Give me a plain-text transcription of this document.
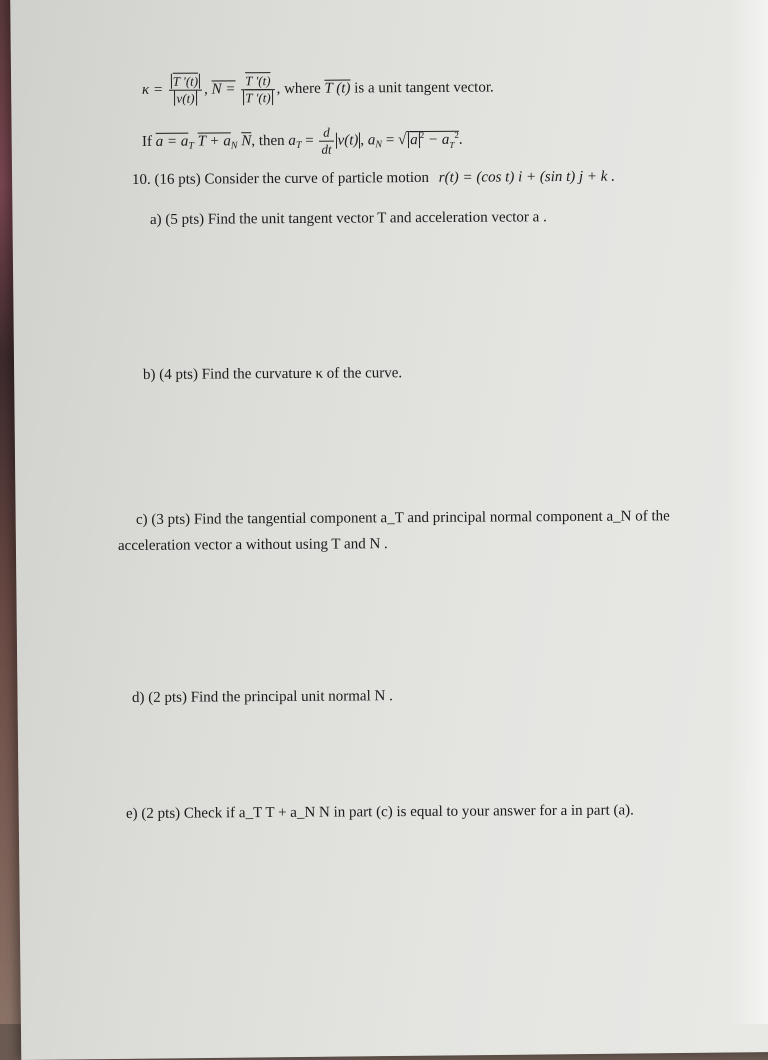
$\kappa = \frac{T '(t)}{v(t)}$ , $N = \frac{T '(t)}{T '(t)}$ , where T (t) is a unit tangent vector.
If $a = a_T$ $T + a_N$ $\overline{N}$, then $a_T = \frac{d}{dt} v(t)$ , $a_N$ = √ a $^2 - a_T^2$.
10. (16 pts) Consider the curve of particle motion r(t) = (cos t) i + (sin t) j + k .
a) (5 pts) Find the unit tangent vector T and acceleration vector a .
b) (4 pts) Find the curvature κ of the curve.
c) (3 pts) Find the tangential component a_T and principal normal component a_N of the
acceleration vector a without using T and N .
d) (2 pts) Find the principal unit normal N .
e) (2 pts) Check if a_T T + a_N N in part (c) is equal to your answer for a in part (a).
